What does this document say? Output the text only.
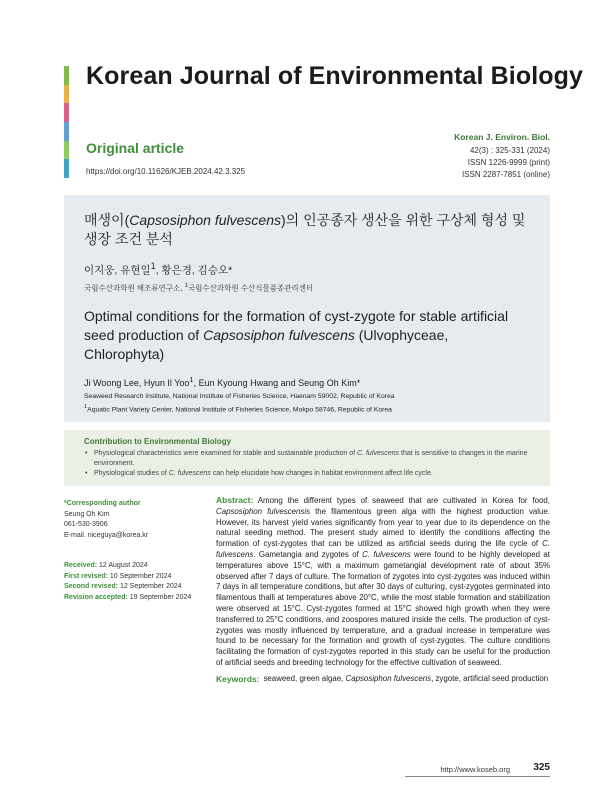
Korean Journal of Environmental Biology
Original article
https://doi.org/10.11626/KJEB.2024.42.3.325
Korean J. Environ. Biol.
42(3) : 325-331 (2024)
ISSN 1226-9999 (print)
ISSN 2287-7851 (online)
매생이(Capsosiphon fulvescens)의 인공종자 생산을 위한 구상체 형성 및 생장 조건 분석
이지웅, 유현일$^1$, 황은경, 김승오*
국립수산과학원 해조류연구소, $^1$국립수산과학원 수산식물품종관리센터
Optimal conditions for the formation of cyst-zygote for stable artificial seed production of Capsosiphon fulvescens (Ulvophyceae, Chlorophyta)
Ji Woong Lee, Hyun Il Yoo$^1$, Eun Kyoung Hwang and Seung Oh Kim*
Seaweed Research Institute, National Institute of Fisheries Science, Haenam 59002, Republic of Korea
$^1$Aquatic Plant Variety Center, National Institute of Fisheries Science, Mokpo 58746, Republic of Korea
Contribution to Environmental Biology
• Physiological characteristics were examined for stable and sustainable production of C. fulvescens that is sensitive to changes in the marine environment.
• Physiological studies of C. fulvescens can help elucidate how changes in habitat environment affect life cycle.
*Corresponding author
Seung Oh Kim
061-530-3906
E-mail. niceguya@korea.kr
Received: 12 August 2024
First revised: 10 September 2024
Second revised: 12 September 2024
Revision accepted: 19 September 2024
Abstract: Among the different types of seaweed that are cultivated in Korea for food, Capsosiphon fulvescensis the filamentous green alga with the highest production value. However, its harvest yield varies significantly from year to year due to its dependence on the natural seeding method. The present study aimed to identify the conditions affecting the formation of cyst-zygotes that can be utilized as artificial seeds during the life cycle of C. fulvescens. Gametangia and zygotes of C. fulvescens were found to be highly developed at temperatures above 15°C, with a maximum gametangial development rate of about 35% observed after 7 days of culture. The formation of zygotes into cyst-zygotes was induced within 7 days in all temperature conditions, but after 30 days of culturing, cyst-zygotes germinated into filamentous thalli at temperatures above 20°C, while the most stable formation and stabilization were observed at 15°C. Cyst-zygotes formed at 15°C showed high growth when they were transferred to 25°C conditions, and zoospores matured inside the cells. The production of cyst-zygotes was mostly influenced by temperature, and a gradual increase in temperature was found to be necessary for the formation and growth of cyst-zygotes. The culture conditions facilitating the formation of cyst-zygotes reported in this study can be useful for the production of artificial seeds and breeding technology for the effective cultivation of seaweed.
Keywords: seaweed, green algae, Capsosiphon fulvescens, zygote, artificial seed production
http://www.koseb.org 325
